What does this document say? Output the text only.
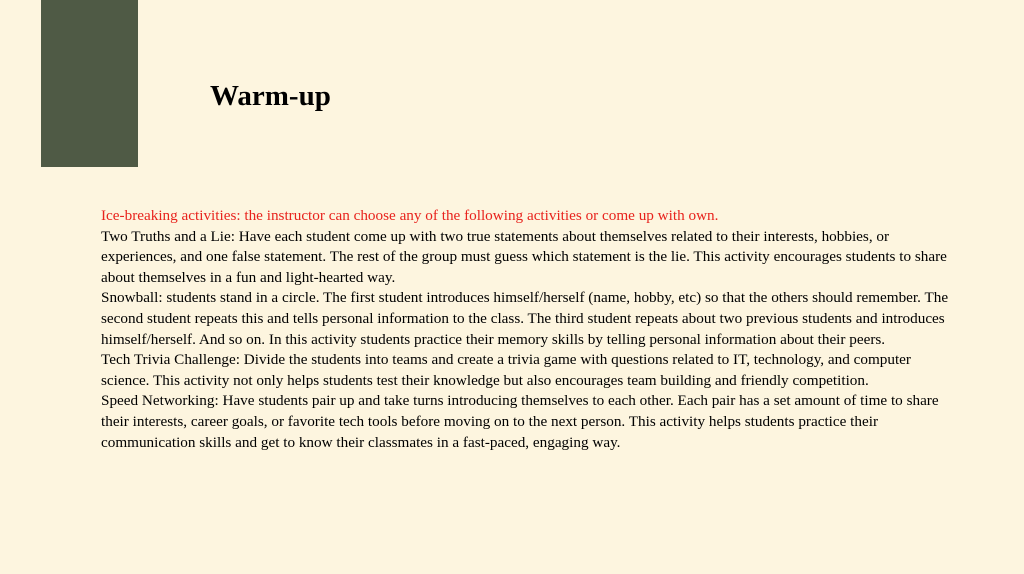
Warm-up

Ice-breaking activities: the instructor can choose any of the following activities or come up with own.

Two Truths and a Lie: Have each student come up with two true statements about themselves related to their interests, hobbies, or experiences, and one false statement. The rest of the group must guess which statement is the lie. This activity encourages students to share about themselves in a fun and light-hearted way.

Snowball: students stand in a circle. The first student introduces himself/herself (name, hobby, etc) so that the others should remember. The second student repeats this and tells personal information to the class. The third student repeats about two previous students and introduces himself/herself. And so on. In this activity students practice their memory skills by telling personal information about their peers.

Tech Trivia Challenge: Divide the students into teams and create a trivia game with questions related to IT, technology, and computer science. This activity not only helps students test their knowledge but also encourages team building and friendly competition.

Speed Networking: Have students pair up and take turns introducing themselves to each other. Each pair has a set amount of time to share their interests, career goals, or favorite tech tools before moving on to the next person. This activity helps students practice their communication skills and get to know their classmates in a fast-paced, engaging way.
